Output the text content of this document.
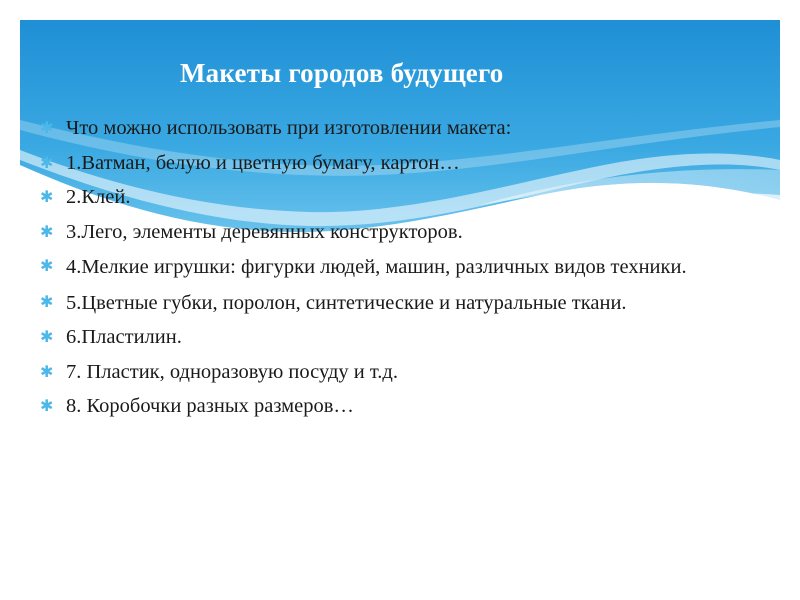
Макеты городов будущего
✱ Что можно использовать при изготовлении макета:
✱ 1.Ватман, белую и цветную бумагу, картон…
✱ 2.Клей.
✱ 3.Лего, элементы деревянных конструкторов.
✱ 4.Мелкие игрушки: фигурки людей, машин, различных видов техники.
✱ 5.Цветные губки, поролон, синтетические и натуральные ткани.
✱ 6.Пластилин.
✱ 7. Пластик, одноразовую посуду и т.д.
✱ 8. Коробочки разных размеров…
